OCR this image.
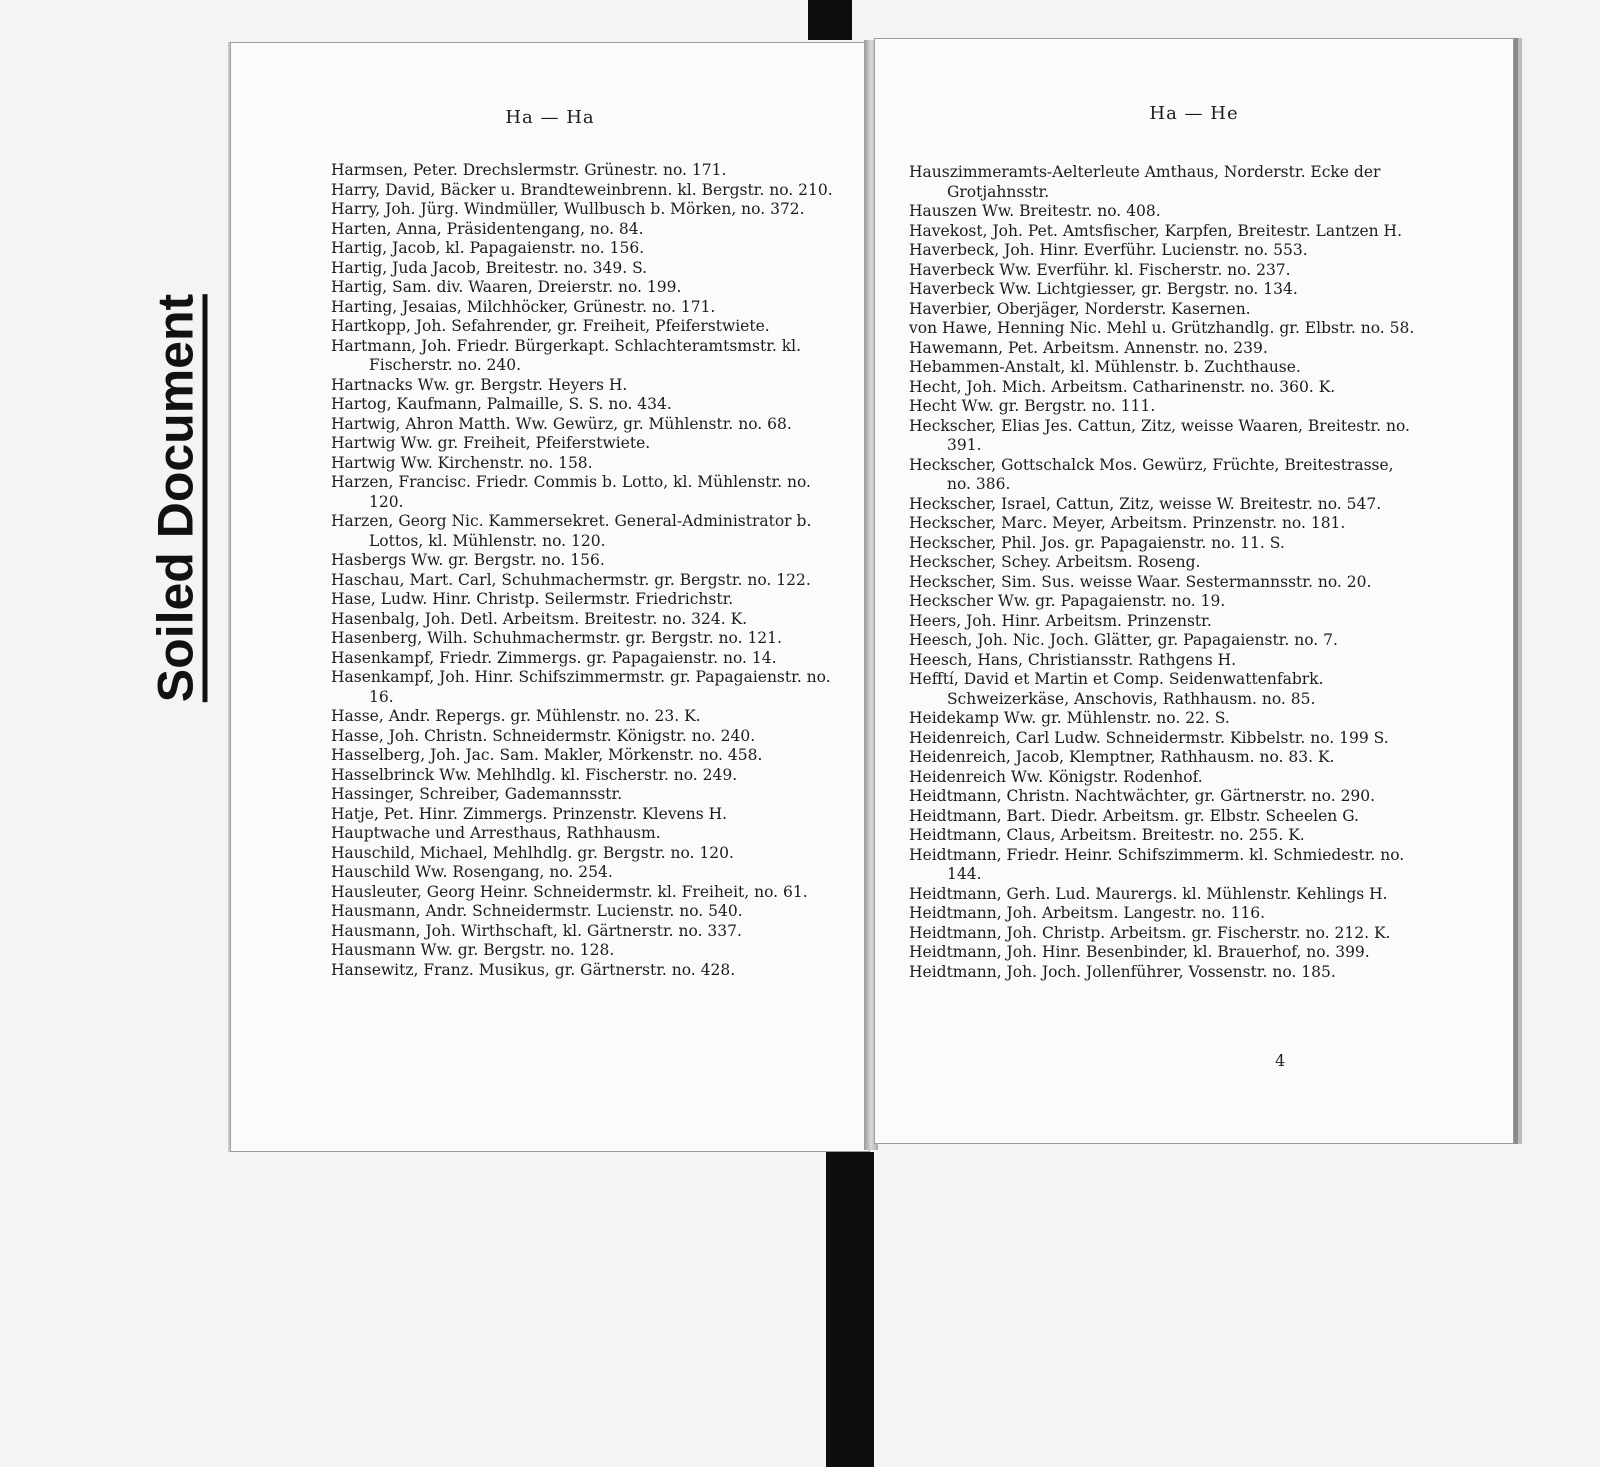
Soiled Document
Ha — Ha
Harmsen, Peter. Drechslermstr. Grünestr. no. 171.
Harry, David, Bäcker u. Brandteweinbrenn. kl. Bergstr. no. 210.
Harry, Joh. Jürg. Windmüller, Wullbusch b. Mörken, no. 372.
Harten, Anna, Präsidentengang, no. 84.
Hartig, Jacob, kl. Papagaienstr. no. 156.
Hartig, Juda Jacob, Breitestr. no. 349. S.
Hartig, Sam. div. Waaren, Dreierstr. no. 199.
Harting, Jesaias, Milchhöcker, Grünestr. no. 171.
Hartkopp, Joh. Sefahrender, gr. Freiheit, Pfeiferstwiete.
Hartmann, Joh. Friedr. Bürgerkapt. Schlachteramtsmstr. kl. Fischerstr. no. 240.
Hartnacks Ww. gr. Bergstr. Heyers H.
Hartog, Kaufmann, Palmaille, S. S. no. 434.
Hartwig, Ahron Matth. Ww. Gewürz, gr. Mühlenstr. no. 68.
Hartwig Ww. gr. Freiheit, Pfeiferstwiete.
Hartwig Ww. Kirchenstr. no. 158.
Harzen, Francisc. Friedr. Commis b. Lotto, kl. Mühlenstr. no. 120.
Harzen, Georg Nic. Kammersekret. General-Administrator b. Lottos, kl. Mühlenstr. no. 120.
Hasbergs Ww. gr. Bergstr. no. 156.
Haschau, Mart. Carl, Schuhmachermstr. gr. Bergstr. no. 122.
Hase, Ludw. Hinr. Christp. Seilermstr. Friedrichstr.
Hasenbalg, Joh. Detl. Arbeitsm. Breitestr. no. 324. K.
Hasenberg, Wilh. Schuhmachermstr. gr. Bergstr. no. 121.
Hasenkampf, Friedr. Zimmergs. gr. Papagaienstr. no. 14.
Hasenkampf, Joh. Hinr. Schifszimmermstr. gr. Papagaienstr. no. 16.
Hasse, Andr. Repergs. gr. Mühlenstr. no. 23. K.
Hasse, Joh. Christn. Schneidermstr. Königstr. no. 240.
Hasselberg, Joh. Jac. Sam. Makler, Mörkenstr. no. 458.
Hasselbrinck Ww. Mehlhdlg. kl. Fischerstr. no. 249.
Hassinger, Schreiber, Gademannsstr.
Hatje, Pet. Hinr. Zimmergs. Prinzenstr. Klevens H.
Hauptwache und Arresthaus, Rathhausm.
Hauschild, Michael, Mehlhdlg. gr. Bergstr. no. 120.
Hauschild Ww. Rosengang, no. 254.
Hausleuter, Georg Heinr. Schneidermstr. kl. Freiheit, no. 61.
Hausmann, Andr. Schneidermstr. Lucienstr. no. 540.
Hausmann, Joh. Wirthschaft, kl. Gärtnerstr. no. 337.
Hausmann Ww. gr. Bergstr. no. 128.
Hansewitz, Franz. Musikus, gr. Gärtnerstr. no. 428.
Ha — He
Hauszimmeramts-Aelterleute Amthaus, Norderstr. Ecke der Grotjahnsstr.
Hauszen Ww. Breitestr. no. 408.
Havekost, Joh. Pet. Amtsfischer, Karpfen, Breitestr. Lantzen H.
Haverbeck, Joh. Hinr. Everführ. Lucienstr. no. 553.
Haverbeck Ww. Everführ. kl. Fischerstr. no. 237.
Haverbeck Ww. Lichtgiesser, gr. Bergstr. no. 134.
Haverbier, Oberjäger, Norderstr. Kasernen.
von Hawe, Henning Nic. Mehl u. Grützhandlg. gr. Elbstr. no. 58.
Hawemann, Pet. Arbeitsm. Annenstr. no. 239.
Hebammen-Anstalt, kl. Mühlenstr. b. Zuchthause.
Hecht, Joh. Mich. Arbeitsm. Catharinenstr. no. 360. K.
Hecht Ww. gr. Bergstr. no. 111.
Heckscher, Elias Jes. Cattun, Zitz, weisse Waaren, Breitestr. no. 391.
Heckscher, Gottschalck Mos. Gewürz, Früchte, Breitestrasse, no. 386.
Heckscher, Israel, Cattun, Zitz, weisse W. Breitestr. no. 547.
Heckscher, Marc. Meyer, Arbeitsm. Prinzenstr. no. 181.
Heckscher, Phil. Jos. gr. Papagaienstr. no. 11. S.
Heckscher, Schey. Arbeitsm. Roseng.
Heckscher, Sim. Sus. weisse Waar. Sestermannsstr. no. 20.
Heckscher Ww. gr. Papagaienstr. no. 19.
Heers, Joh. Hinr. Arbeitsm. Prinzenstr.
Heesch, Joh. Nic. Joch. Glätter, gr. Papagaienstr. no. 7.
Heesch, Hans, Christiansstr. Rathgens H.
Hefftí, David et Martin et Comp. Seidenwattenfabrk. Schweizerkäse, Anschovis, Rathhausm. no. 85.
Heidekamp Ww. gr. Mühlenstr. no. 22. S.
Heidenreich, Carl Ludw. Schneidermstr. Kibbelstr. no. 199 S.
Heidenreich, Jacob, Klemptner, Rathhausm. no. 83. K.
Heidenreich Ww. Königstr. Rodenhof.
Heidtmann, Christn. Nachtwächter, gr. Gärtnerstr. no. 290.
Heidtmann, Bart. Diedr. Arbeitsm. gr. Elbstr. Scheelen G.
Heidtmann, Claus, Arbeitsm. Breitestr. no. 255. K.
Heidtmann, Friedr. Heinr. Schifszimmerm. kl. Schmiedestr. no. 144.
Heidtmann, Gerh. Lud. Maurergs. kl. Mühlenstr. Kehlings H.
Heidtmann, Joh. Arbeitsm. Langestr. no. 116.
Heidtmann, Joh. Christp. Arbeitsm. gr. Fischerstr. no. 212. K.
Heidtmann, Joh. Hinr. Besenbinder, kl. Brauerhof, no. 399.
Heidtmann, Joh. Joch. Jollenführer, Vossenstr. no. 185.
4
